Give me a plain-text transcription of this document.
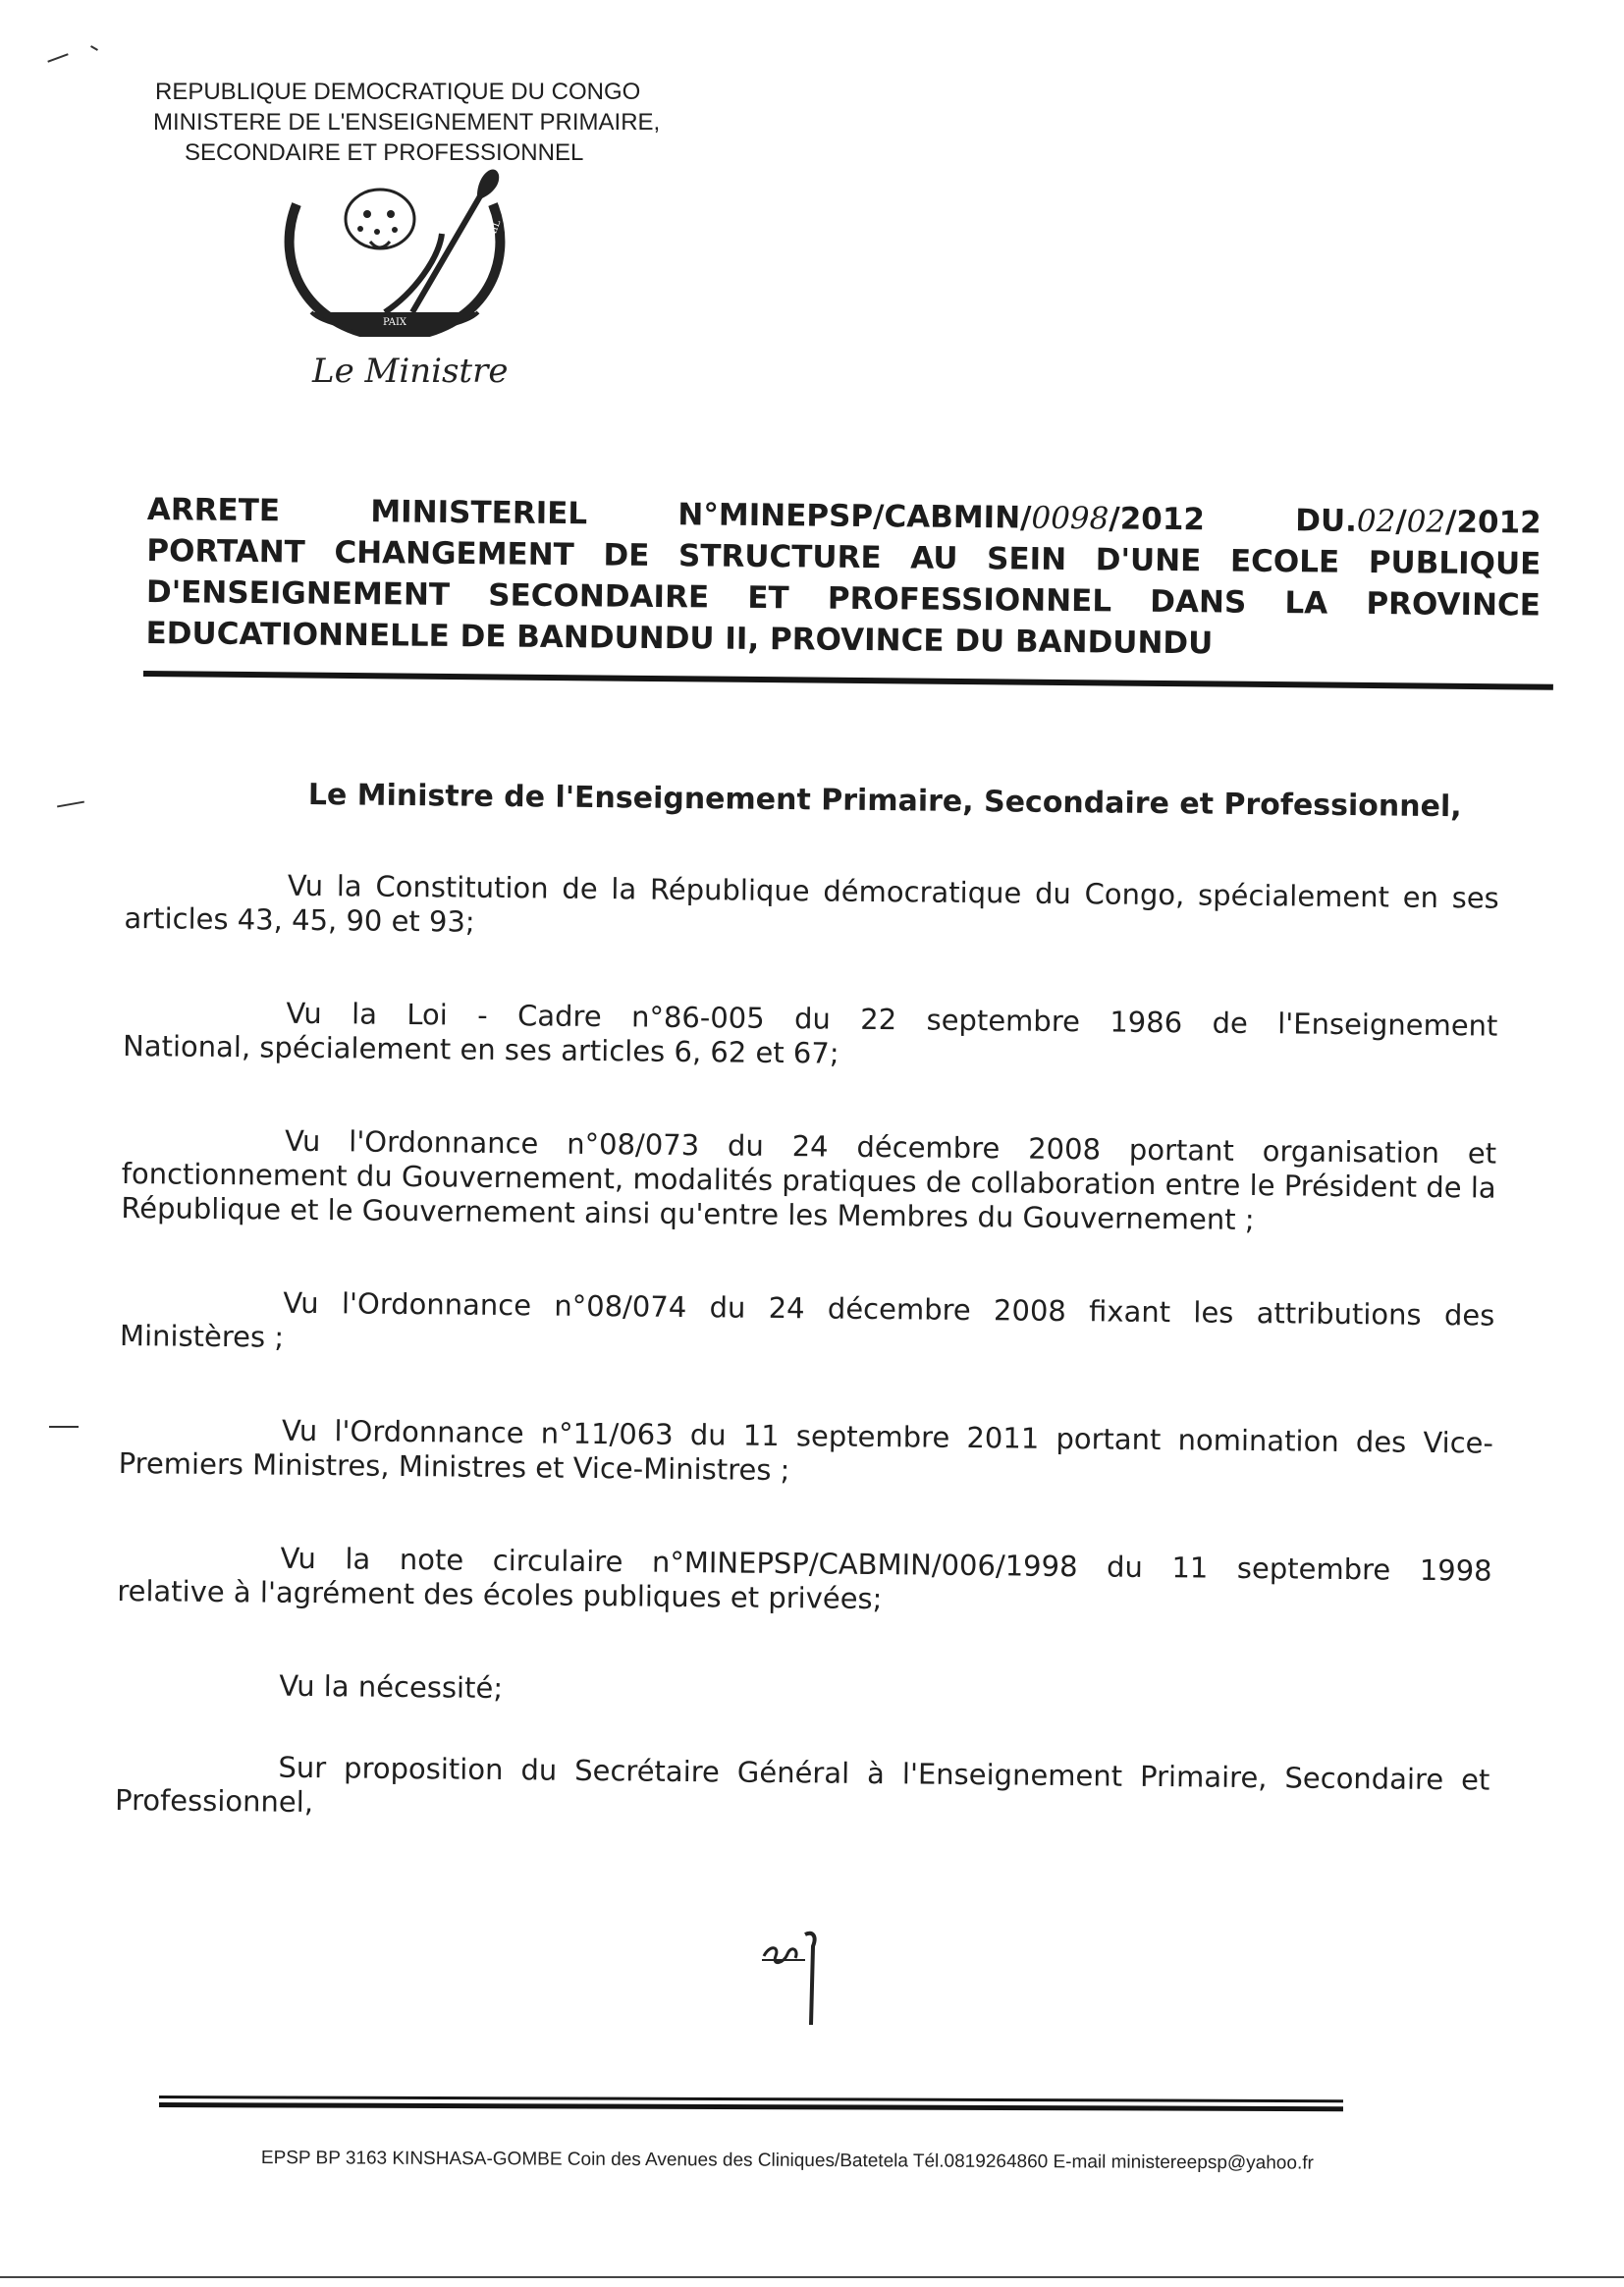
REPUBLIQUE DEMOCRATIQUE DU CONGO
MINISTERE DE L'ENSEIGNEMENT PRIMAIRE,
SECONDAIRE ET PROFESSIONNEL
PAIX
JUSTICE	TRAVAIL
Le Ministre
ARRETE	MINISTERIEL	N°MINEPSP/CABMIN/0098/2012	DU.02/02/2012
PORTANT CHANGEMENT DE STRUCTURE AU SEIN D'UNE ECOLE PUBLIQUE
D'ENSEIGNEMENT SECONDAIRE ET PROFESSIONNEL DANS LA PROVINCE
EDUCATIONNELLE DE BANDUNDU II, PROVINCE DU BANDUNDU
Le Ministre de l'Enseignement Primaire, Secondaire et Professionnel,
Vu la Constitution de la République démocratique du Congo, spécialement en ses
articles 43, 45, 90 et 93;
Vu la Loi - Cadre n°86-005 du 22 septembre 1986 de l'Enseignement
National, spécialement en ses articles 6, 62 et 67;
Vu l'Ordonnance n°08/073 du 24 décembre 2008 portant organisation et
fonctionnement du Gouvernement, modalités pratiques de collaboration entre le Président de la République et le Gouvernement ainsi qu'entre les Membres du Gouvernement ;
Vu l'Ordonnance n°08/074 du 24 décembre 2008 fixant les attributions des
Ministères ;
Vu l'Ordonnance n°11/063 du 11 septembre 2011 portant nomination des Vice-
Premiers Ministres, Ministres et Vice-Ministres ;
Vu la note circulaire n°MINEPSP/CABMIN/006/1998 du 11 septembre 1998
relative à l'agrément des écoles publiques et privées;
Vu la nécessité;
Sur proposition du Secrétaire Général à l'Enseignement Primaire, Secondaire et
Professionnel,
EPSP BP 3163 KINSHASA-GOMBE Coin des Avenues des Cliniques/Batetela Tél.0819264860 E-mail ministereepsp@yahoo.fr
